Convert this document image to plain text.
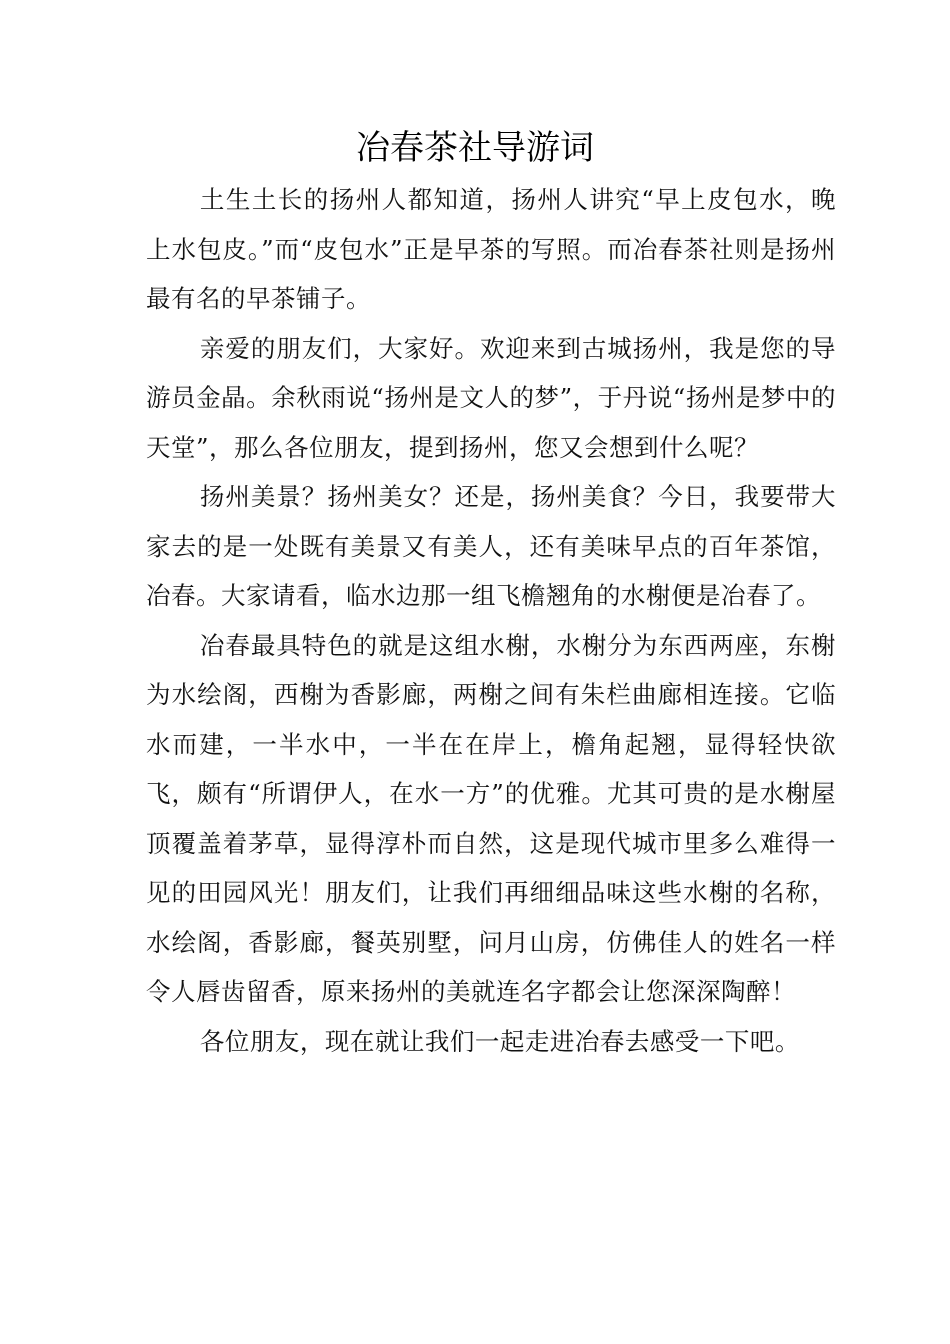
冶春茶社导游词

土生土长的扬州人都知道，扬州人讲究“早上皮包水，晚上水包皮。”而“皮包水”正是早茶的写照。而冶春茶社则是扬州最有名的早茶铺子。

亲爱的朋友们，大家好。欢迎来到古城扬州，我是您的导游员金晶。余秋雨说“扬州是文人的梦”，于丹说“扬州是梦中的天堂”，那么各位朋友，提到扬州，您又会想到什么呢？

扬州美景？扬州美女？还是，扬州美食？今日，我要带大家去的是一处既有美景又有美人，还有美味早点的百年茶馆，冶春。大家请看，临水边那一组飞檐翘角的水榭便是冶春了。

冶春最具特色的就是这组水榭，水榭分为东西两座，东榭为水绘阁，西榭为香影廊，两榭之间有朱栏曲廊相连接。它临水而建，一半水中，一半在在岸上，檐角起翘，显得轻快欲飞，颇有“所谓伊人，在水一方”的优雅。尤其可贵的是水榭屋顶覆盖着茅草，显得淳朴而自然，这是现代城市里多么难得一见的田园风光！朋友们，让我们再细细品味这些水榭的名称，水绘阁，香影廊，餐英别墅，问月山房，仿佛佳人的姓名一样令人唇齿留香，原来扬州的美就连名字都会让您深深陶醉！

各位朋友，现在就让我们一起走进冶春去感受一下吧。
